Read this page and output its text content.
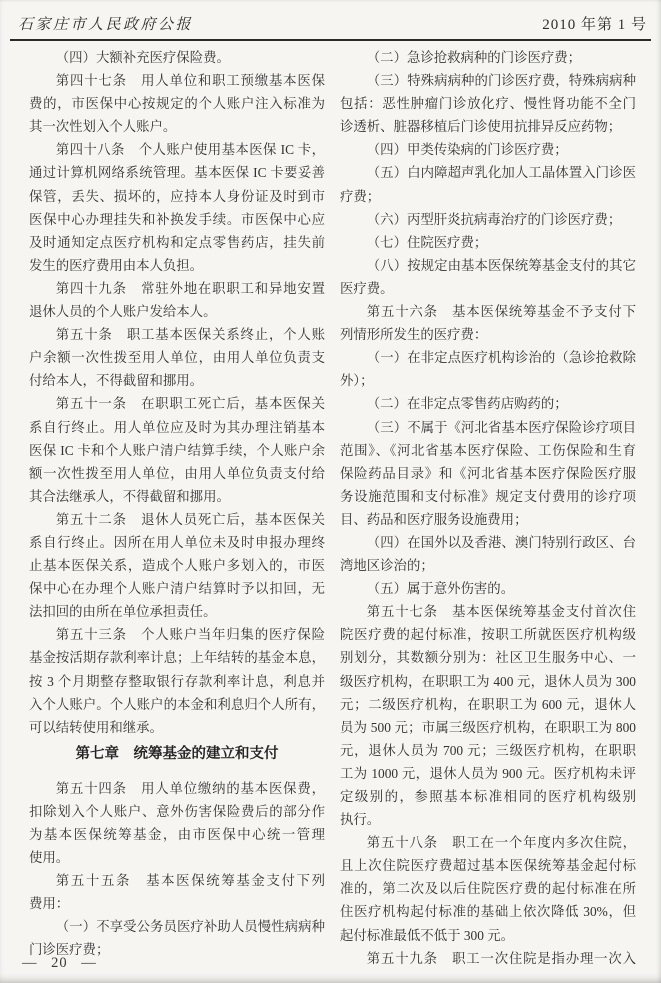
石家庄市人民政府公报	2010 年第 1 号
（四）大额补充医疗保险费。
第四十七条　用人单位和职工预缴基本医保
费的，市医保中心按规定的个人账户注入标准为
其一次性划入个人账户。
第四十八条　个人账户使用基本医保 IC 卡，
通过计算机网络系统管理。基本医保 IC 卡要妥善
保管，丢失、损坏的，应持本人身份证及时到市
医保中心办理挂失和补换发手续。市医保中心应
及时通知定点医疗机构和定点零售药店，挂失前
发生的医疗费用由本人负担。
第四十九条　常驻外地在职职工和异地安置
退休人员的个人账户发给本人。
第五十条　职工基本医保关系终止，个人账
户余额一次性拨至用人单位，由用人单位负责支
付给本人，不得截留和挪用。
第五十一条　在职职工死亡后，基本医保关
系自行终止。用人单位应及时为其办理注销基本
医保 IC 卡和个人账户清户结算手续，个人账户余
额一次性拨至用人单位，由用人单位负责支付给
其合法继承人，不得截留和挪用。
第五十二条　退休人员死亡后，基本医保关
系自行终止。因所在用人单位未及时申报办理终
止基本医保关系，造成个人账户多划入的，市医
保中心在办理个人账户清户结算时予以扣回，无
法扣回的由所在单位承担责任。
第五十三条　个人账户当年归集的医疗保险
基金按活期存款利率计息；上年结转的基金本息，
按 3 个月期整存整取银行存款利率计息，利息并
入个人账户。个人账户的本金和利息归个人所有，
可以结转使用和继承。
第七章　统筹基金的建立和支付
第五十四条　用人单位缴纳的基本医保费，
扣除划入个人账户、意外伤害保险费后的部分作
为基本医保统筹基金，由市医保中心统一管理
使用。
第五十五条　基本医保统筹基金支付下列
费用：
（一）不享受公务员医疗补助人员慢性病病种
门诊医疗费；
（二）急诊抢救病种的门诊医疗费；
（三）特殊病病种的门诊医疗费，特殊病病种
包括：恶性肿瘤门诊放化疗、慢性肾功能不全门
诊透析、脏器移植后门诊使用抗排异反应药物；
（四）甲类传染病的门诊医疗费；
（五）白内障超声乳化加人工晶体置入门诊医
疗费；
（六）丙型肝炎抗病毒治疗的门诊医疗费；
（七）住院医疗费；
（八）按规定由基本医保统筹基金支付的其它
医疗费。
第五十六条　基本医保统筹基金不予支付下
列情形所发生的医疗费：
（一）在非定点医疗机构诊治的（急诊抢救除
外）；
（二）在非定点零售药店购药的；
（三）不属于《河北省基本医疗保险诊疗项目
范围》、《河北省基本医疗保险、工伤保险和生育
保险药品目录》和《河北省基本医疗保险医疗服
务设施范围和支付标准》规定支付费用的诊疗项
目、药品和医疗服务设施费用；
（四）在国外以及香港、澳门特别行政区、台
湾地区诊治的；
（五）属于意外伤害的。
第五十七条　基本医保统筹基金支付首次住
院医疗费的起付标准，按职工所就医医疗机构级
别划分，其数额分别为：社区卫生服务中心、一
级医疗机构，在职职工为 400 元，退休人员为 300
元；二级医疗机构，在职职工为 600 元，退休人
员为 500 元；市属三级医疗机构，在职职工为 800
元，退休人员为 700 元；三级医疗机构，在职职
工为 1000 元，退休人员为 900 元。医疗机构未评
定级别的，参照基本标准相同的医疗机构级别
执行。
第五十八条　职工在一个年度内多次住院，
且上次住院医疗费超过基本医保统筹基金起付标
准的，第二次及以后住院医疗费的起付标准在所
住医疗机构起付标准的基础上依次降低 30%，但
起付标准最低不低于 300 元。
第五十九条　职工一次住院是指办理一次入
— 20 —
